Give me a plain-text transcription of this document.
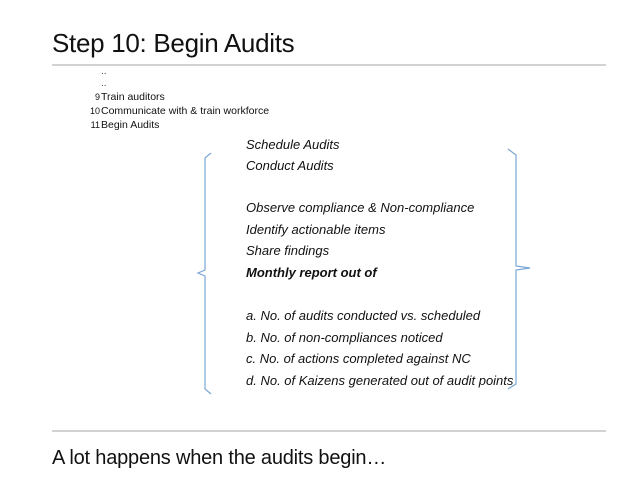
Step 10: Begin Audits
..
..
9 Train auditors
10 Communicate with & train workforce
11 Begin Audits
Schedule Audits
Conduct Audits
Observe compliance & Non-compliance
Identify actionable items
Share findings
Monthly report out of
a. No. of audits conducted vs. scheduled
b. No. of non-compliances noticed
c. No. of actions completed against NC
d. No. of Kaizens generated out of audit points
A lot happens when the audits begin…
